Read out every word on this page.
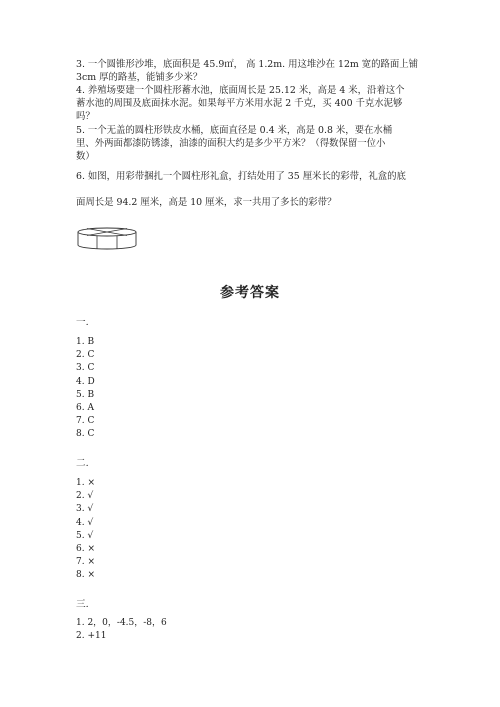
3. 一个圆锥形沙堆，底面积是 45.9㎡， 高 1.2m. 用这堆沙在 12m 宽的路面上铺

3cm 厚的路基，能铺多少米？

4. 养殖场要建一个圆柱形蓄水池，底面周长是 25.12 米，高是 4 米，沿着这个

蓄水池的周围及底面抹水泥。如果每平方米用水泥 2 千克，买 400 千克水泥够

吗？

5. 一个无盖的圆柱形铁皮水桶，底面直径是 0.4 米，高是 0.8 米，要在水桶

里、外两面都漆防锈漆，油漆的面积大约是多少平方米？（得数保留一位小

数）

6. 如图，用彩带捆扎一个圆柱形礼盒，打结处用了 35 厘米长的彩带，礼盒的底

面周长是 94.2 厘米，高是 10 厘米，求一共用了多长的彩带？

参考答案
一.
1. B
2. C
3. C
4. D
5. B
6. A
7. C
8. C
二.
1. ×
2. √
3. √
4. √
5. √
6. ×
7. ×
8. ×
三.
1. 2，0，-4.5，-8，6
2. +11
